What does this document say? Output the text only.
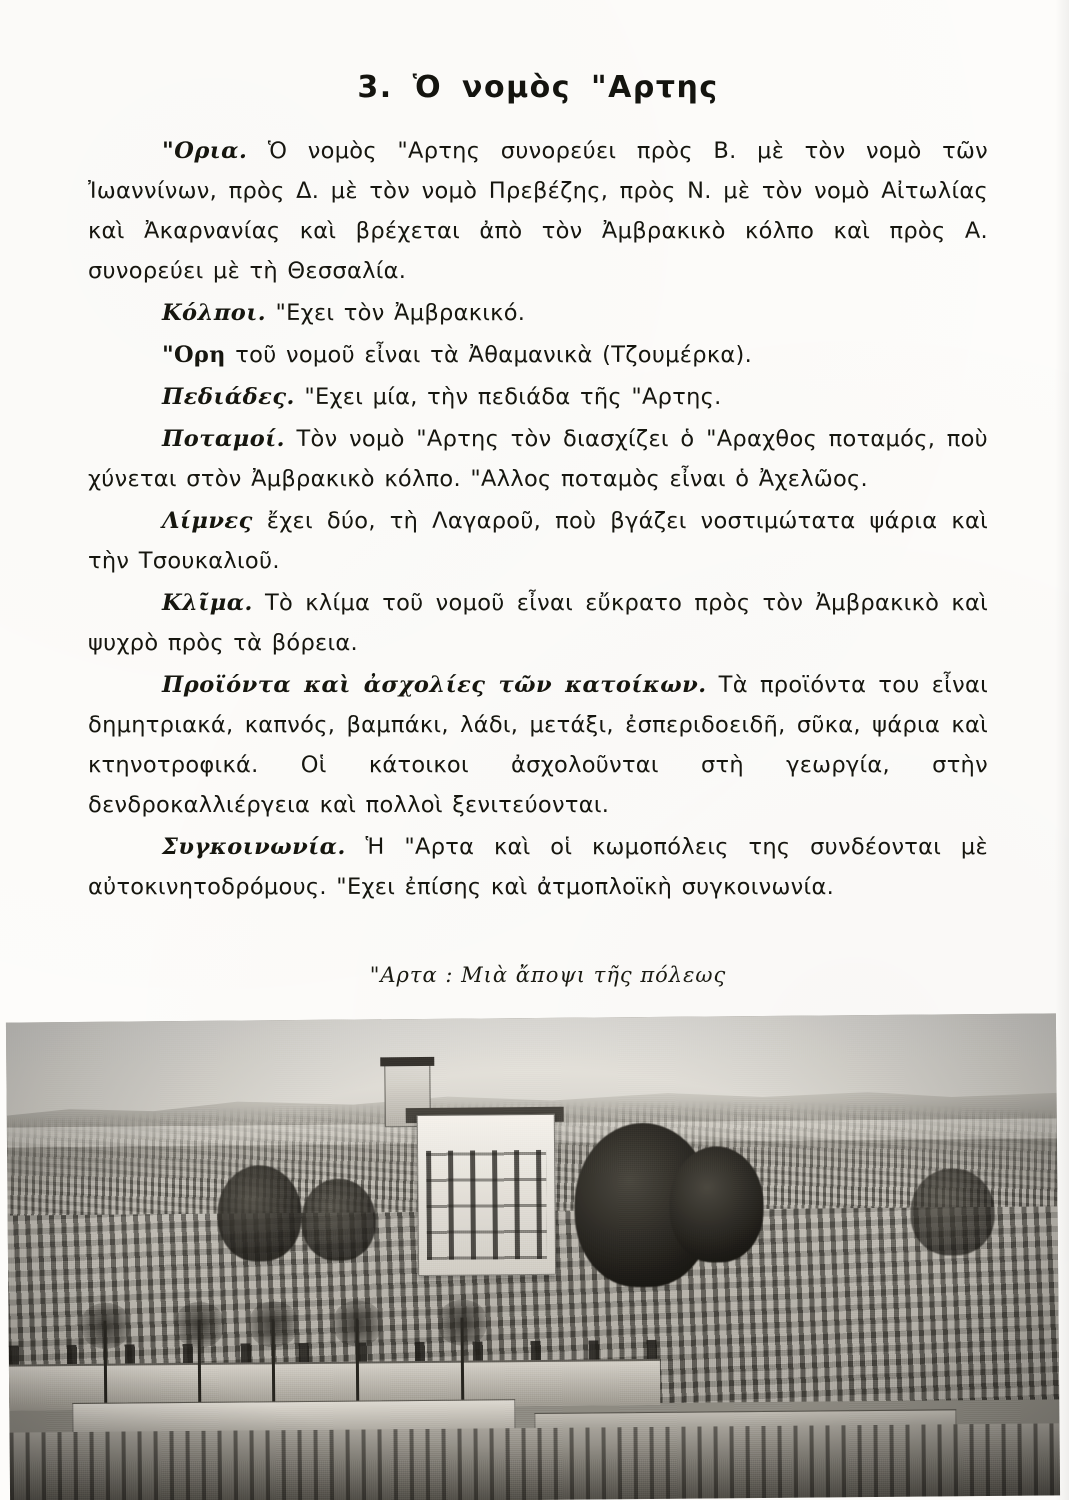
3. Ὁ νομὸς "Αρτης

"Ορια. Ὁ νομὸς "Αρτης συνορεύει πρὸς Β. μὲ τὸν νομὸ τῶν Ἰωαννίνων, πρὸς Δ. μὲ τὸν νομὸ Πρεβέζης, πρὸς Ν. μὲ τὸν νομὸ Αἰτωλίας καὶ Ἀκαρνανίας καὶ βρέχεται ἀπὸ τὸν Ἀμβρακικὸ κόλπο καὶ πρὸς Α. συνορεύει μὲ τὴ Θεσσαλία.

Κόλποι. "Εχει τὸν Ἀμβρακικό.

"Ορη τοῦ νομοῦ εἶναι τὰ Ἀθαμανικὰ (Τζουμέρκα).

Πεδιάδες. "Εχει μία, τὴν πεδιάδα τῆς "Αρτης.

Ποταμοί. Τὸν νομὸ "Αρτης τὸν διασχίζει ὁ "Αραχθος ποταμός, ποὺ χύνεται στὸν Ἀμβρακικὸ κόλπο. "Αλλος ποταμὸς εἶναι ὁ Ἀχελῶος.

Λίμνες ἔχει δύο, τὴ Λαγαροῦ, ποὺ βγάζει νοστιμώτατα ψάρια καὶ τὴν Τσουκαλιοῦ.

Κλῖμα. Τὸ κλίμα τοῦ νομοῦ εἶναι εὔκρατο πρὸς τὸν Ἀμβρακικὸ καὶ ψυχρὸ πρὸς τὰ βόρεια.

Προϊόντα καὶ ἀσχολίες τῶν κατοίκων. Τὰ προϊόντα του εἶναι δημητριακά, καπνός, βαμπάκι, λάδι, μετάξι, ἐσπεριδοειδῆ, σῦκα, ψάρια καὶ κτηνοτροφικά. Οἱ κάτοικοι ἀσχολοῦνται στὴ γεωργία, στὴν δενδροκαλλιέργεια καὶ πολλοὶ ξενιτεύονται.

Συγκοινωνία. Ἡ "Αρτα καὶ οἱ κωμοπόλεις της συνδέονται μὲ αὐτοκινητοδρόμους. "Εχει ἐπίσης καὶ ἀτμοπλοϊκὴ συγκοινωνία.

"Αρτα : Μιὰ ἄποψι τῆς πόλεως
